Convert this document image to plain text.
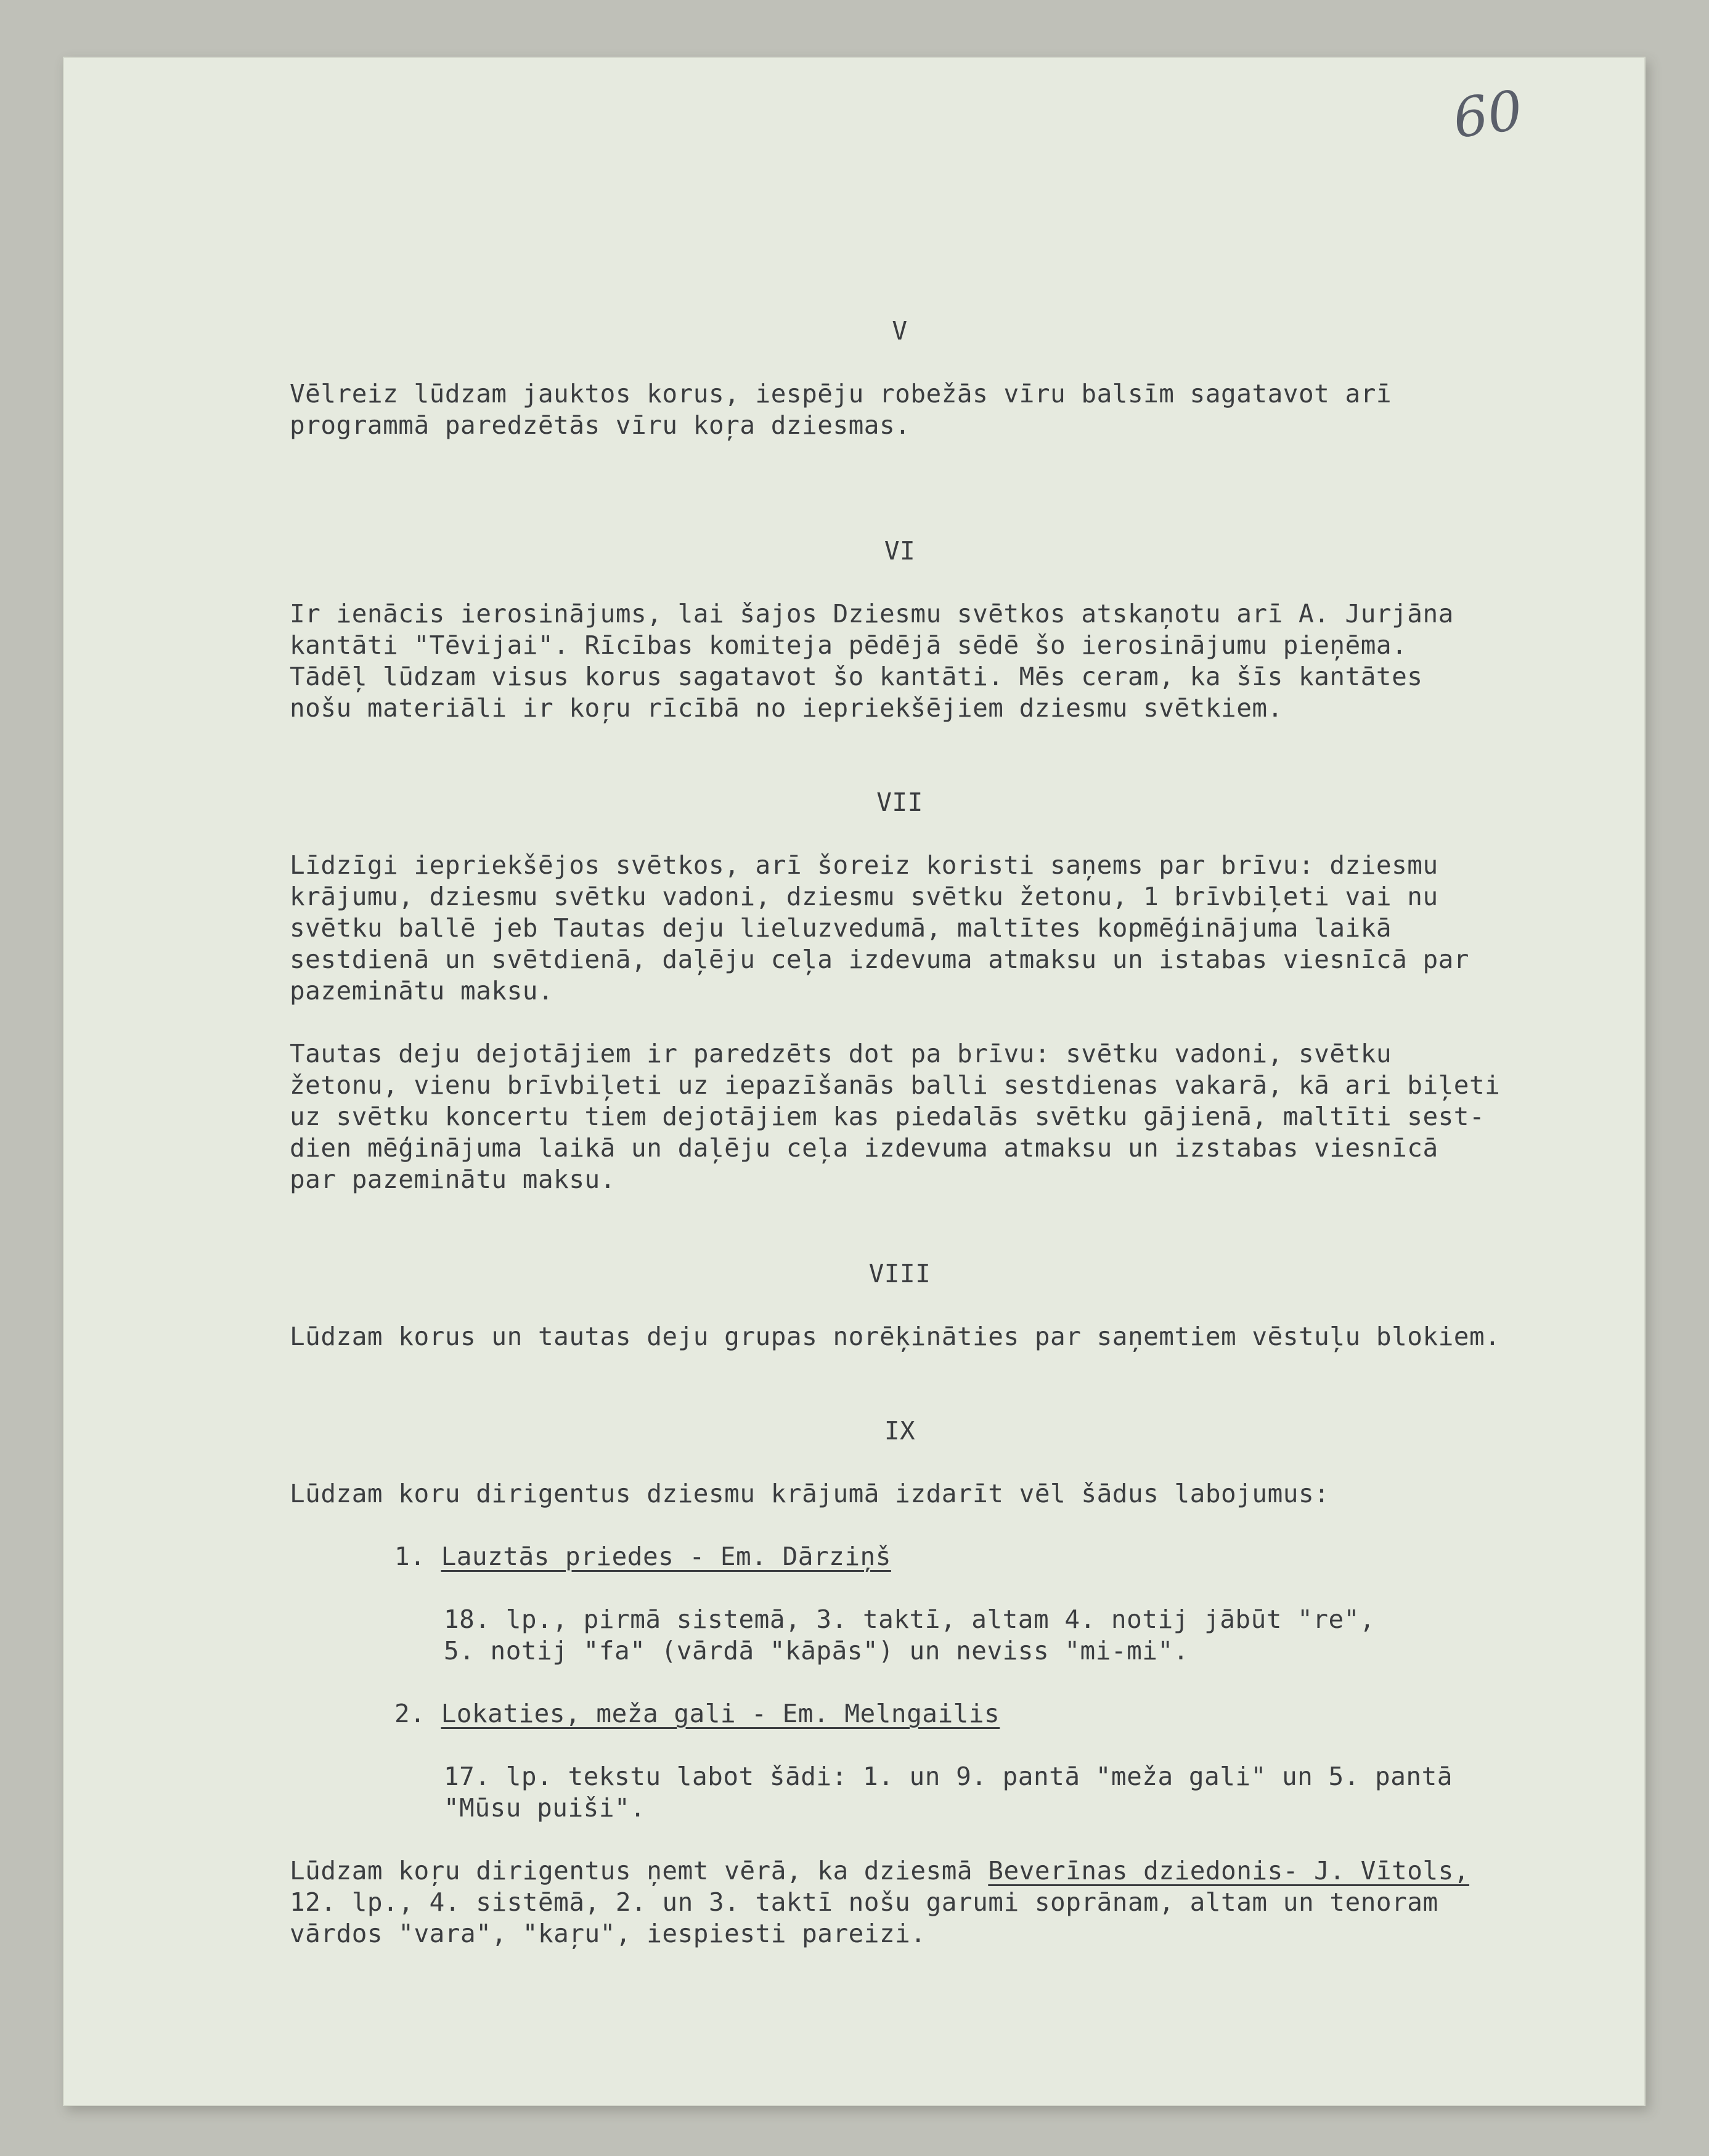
60
V
Vēlreiz lūdzam jauktos korus, iespēju robežās vīru balsīm sagatavot arī
programmā paredzētās vīru koŗa dziesmas.
VI
Ir ienācis ierosinājums, lai šajos Dziesmu svētkos atskaņotu arī A. Jurjāna
kantāti "Tēvijai". Rīcības komiteja pēdējā sēdē šo ierosinājumu pieņēma.
Tādēļ lūdzam visus korus sagatavot šo kantāti. Mēs ceram, ka šīs kantātes
nošu materiāli ir koŗu rīcībā no iepriekšējiem dziesmu svētkiem.
VII
Līdzīgi iepriekšējos svētkos, arī šoreiz koristi saņems par brīvu: dziesmu
krājumu, dziesmu svētku vadoni, dziesmu svētku žetonu, 1 brīvbiļeti vai nu
svētku ballē jeb Tautas deju lieluzvedumā, maltītes kopmēģinājuma laikā
sestdienā un svētdienā, daļēju ceļa izdevuma atmaksu un istabas viesnīcā par
pazeminātu maksu.
Tautas deju dejotājiem ir paredzēts dot pa brīvu: svētku vadoni, svētku
žetonu, vienu brīvbiļeti uz iepazīšanās balli sestdienas vakarā, kā ari biļeti
uz svētku koncertu tiem dejotājiem kas piedalās svētku gājienā, maltīti sest-
dien mēģinājuma laikā un daļēju ceļa izdevuma atmaksu un izstabas viesnīcā
par pazeminātu maksu.
VIII
Lūdzam korus un tautas deju grupas norēķināties par saņemtiem vēstuļu blokiem.
IX
Lūdzam koru dirigentus dziesmu krājumā izdarīt vēl šādus labojumus:
1. Lauztās priedes - Em. Dārziņš
18. lp., pirmā sistemā, 3. taktī, altam 4. notij jābūt "re",
5. notij "fa" (vārdā "kāpās") un neviss "mi-mi".
2. Lokaties, meža gali - Em. Melngailis
17. lp. tekstu labot šādi: 1. un 9. pantā "meža gali" un 5. pantā
"Mūsu puiši".
Lūdzam koŗu dirigentus ņemt vērā, ka dziesmā Beverīnas dziedonis- J. Vītols,
12. lp., 4. sistēmā, 2. un 3. taktī nošu garumi soprānam, altam un tenoram
vārdos "vara", "kaŗu", iespiesti pareizi.
